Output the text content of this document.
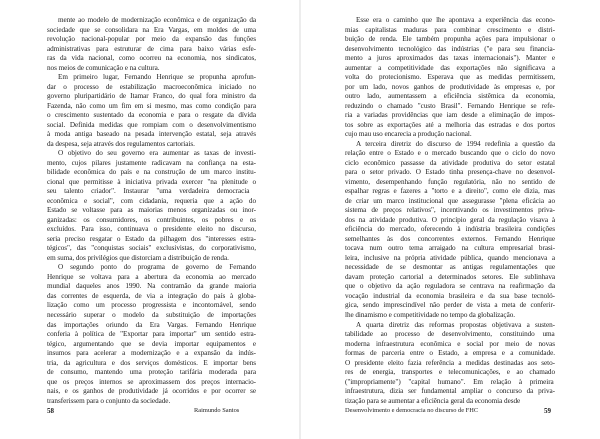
mente ao modelo de modernização econômica e de organização da
sociedade que se consolidara na Era Vargas, em moldes de uma
revolução nacional-popular por meio da expansão das funções
administrativas para estruturar de cima para baixo várias esfe-
ras da vida nacional, como ocorreu na economia, nos sindicatos,
nos meios de comunicação e na cultura.

Em primeiro lugar, Fernando Henrique se propunha aprofun-
dar o processo de estabilização macroeconômica iniciado no
governo pluripartidário de Itamar Franco, do qual fora ministro da
Fazenda, não como um fim em si mesmo, mas como condição para
o crescimento sustentado da economia e para o resgate da dívida
social. Definida medidas que rompiam com o desenvolvimentismo
à moda antiga baseado na pesada intervenção estatal, seja através
da despesa, seja através dos regulamentos cartoriais.

O objetivo do seu governo era aumentar as taxas de investi-
mento, cujos pilares justamente radicavam na confiança na esta-
bilidade econômica do país e na construção de um marco institu-
cional que permitisse à iniciativa privada exercer "na plenitude o
seu talento criador". Instaurar "uma verdadeira democracia
econômica e social", com cidadania, requeria que a ação do
Estado se voltasse para as maiorias menos organizadas ou inor-
ganizadas: os consumidores, os contribuintes, os pobres e os
excluídos. Para isso, continuava o presidente eleito no discurso,
seria preciso resgatar o Estado da pilhagem dos "interesses estra-
tégicos", das "conquistas sociais" exclusivistas, do corporativismo,
em suma, dos privilégios que distorciam a distribuição de renda.

O segundo ponto do programa de governo de Fernando
Henrique se voltava para a abertura da economia ao mercado
mundial daqueles anos 1990. Na contramão da grande maioria
das correntes de esquerda, de via a integração do país à globa-
lização como um processo progressista e incontornável, sendo
necessário superar o modelo da substituição de importações
das importações oriundo da Era Vargas. Fernando Henrique
conferia à política de "Exportar para importar" um sentido estra-
tégico, argumentando que se devia importar equipamentos e
insumos para acelerar a modernização e a expansão da indús-
tria, da agricultura e dos serviços domésticos. E importar bens
de consumo, mantendo uma proteção tarifária moderada para
que os preços internos se aproximassem dos preços internacio-
nais, e os ganhos de produtividade já ocorridos e por ocorrer se
transferissem para o conjunto da sociedade.

58	Raimundo Santos

Esse era o caminho que lhe apontava a experiência das econo-
mias capitalistas maduras para combinar crescimento e distri-
buição de renda. Ele também propunha ações para impulsionar o
desenvolvimento tecnológico das indústrias ("e para seu financia-
mento a juros aproximados das taxas internacionais"). Manter e
aumentar a competitividade das exportações não significava a
volta do protecionismo. Esperava que as medidas permitissem,
por um lado, novos ganhos de produtividade às empresas e, por
outro lado, aumentassem a eficiência sistêmica da economia,
reduzindo o chamado "custo Brasil". Fernando Henrique se refe-
ria a variadas providências que iam desde a eliminação de impos-
tos sobre as exportações até a melhoria das estradas e dos portos
cujo mau uso encarecia a produção nacional.

A terceira diretriz do discurso de 1994 redefinia a questão da
relação entre o Estado e o mercado buscando que o ciclo do novo
ciclo econômico passasse da atividade produtiva do setor estatal
para o setor privado. O Estado tinha presença-chave no desenvol-
vimento, desempenhando função regulatória, não no sentido de
espalhar regras e fazeres a "torto e a direito", como ele dizia, mas
de criar um marco institucional que assegurasse "plena eficácia ao
sistema de preços relativos", incentivando os investimentos priva-
dos na atividade produtiva. O princípio geral da regulação visava à
eficiência do mercado, oferecendo à indústria brasileira condições
semelhantes às dos concorrentes externos. Fernando Henrique
tocava num outro tema arraigado na cultura empresarial brasi-
leira, inclusive na própria atividade pública, quando mencionava a
necessidade de se desmontar as antigas regulamentações que
davam proteção cartorial a determinados setores. Ele sublinhava
que o objetivo da ação reguladora se centrava na reafirmação da
vocação industrial da economia brasileira e da sua base tecnoló-
gica, sendo imprescindível não perder de vista a meta de conferir-
lhe dinamismo e competitividade no tempo da globalização.

A quarta diretriz das reformas propostas objetivava a susten-
tabilidade ao processo de desenvolvimento, constituindo uma
moderna infraestrutura econômica e social por meio de novas
formas de parceria entre o Estado, a empresa e a comunidade.
O presidente eleito fazia referência a medidas destinadas aos seto-
res de energia, transportes e telecomunicações, e ao chamado
("impropriamente") "capital humano". Em relação à primeira
infraestrutura, dizia ser fundamental ampliar o concurso da priva-
tização para se aumentar a eficiência geral da economia desde

Desenvolvimento e democracia no discurso de FHC	59
